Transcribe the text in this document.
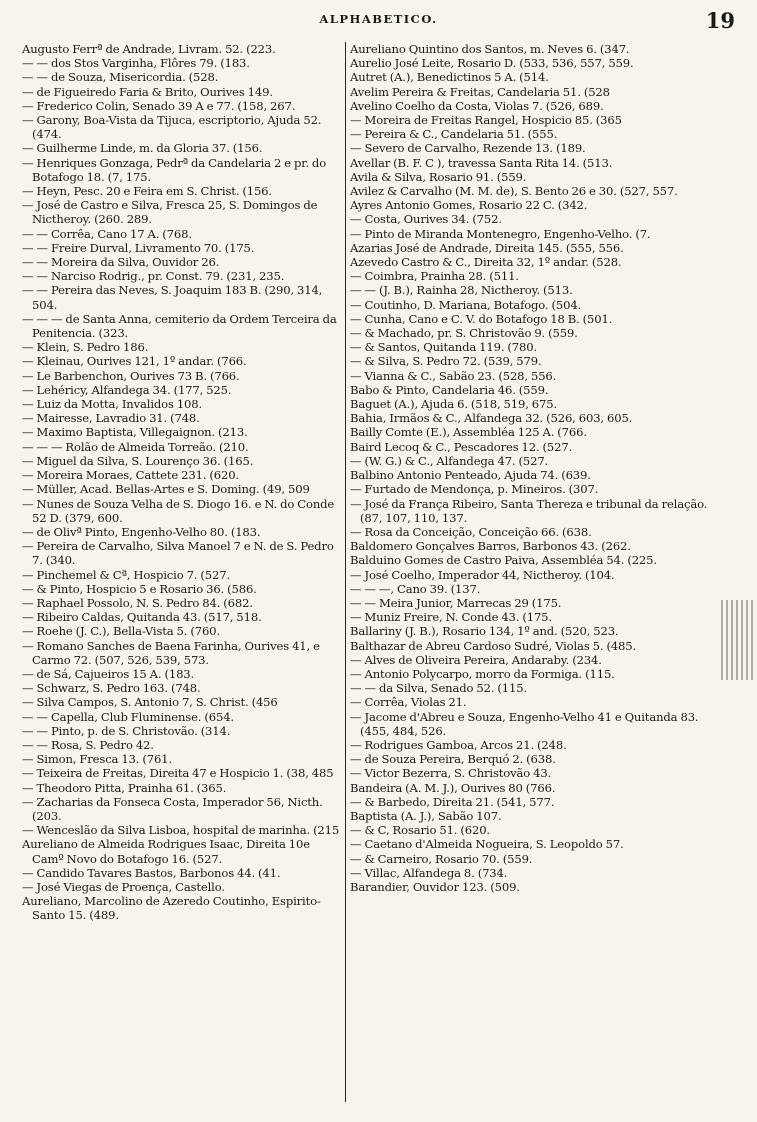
ALPHABETICO.	19
Augusto Ferrª de Andrade, Livram. 52. (223.
— — dos Stos Varginha, Flôres 79. (183.
— — de Souza, Misericordia. (528.
— de Figueiredo Faria & Brito, Ourives 149.
— Frederico Colin, Senado 39 A e 77. (158, 267.
— Garony, Boa-Vista da Tijuca, escriptorio, Ajuda 52. (474.
— Guilherme Linde, m. da Gloria 37. (156.
— Henriques Gonzaga, Pedrª da Candelaria 2 e pr. do Botafogo 18. (7, 175.
— Heyn, Pesc. 20 e Feira em S. Christ. (156.
— José de Castro e Silva, Fresca 25, S. Domingos de Nictheroy. (260. 289.
— — Corrêa, Cano 17 A. (768.
— — Freire Durval, Livramento 70. (175.
— — Moreira da Silva, Ouvidor 26.
— — Narciso Rodrig., pr. Const. 79. (231, 235.
— — Pereira das Neves, S. Joaquim 183 B. (290, 314, 504.
— — — de Santa Anna, cemiterio da Ordem Terceira da Penitencia. (323.
— Klein, S. Pedro 186.
— Kleinau, Ourives 121, 1º andar. (766.
— Le Barbenchon, Ourives 73 B. (766.
— Lehéricy, Alfandega 34. (177, 525.
— Luiz da Motta, Invalidos 108.
— Mairesse, Lavradio 31. (748.
— Maximo Baptista, Villegaignon. (213.
— — — Rolão de Almeida Torreão. (210.
— Miguel da Silva, S. Lourenço 36. (165.
— Moreira Moraes, Cattete 231. (620.
— Müller, Acad. Bellas-Artes e S. Doming. (49, 509
— Nunes de Souza Velha de S. Diogo 16. e N. do Conde 52 D. (379, 600.
— de Olivª Pinto, Engenho-Velho 80. (183.
— Pereira de Carvalho, Silva Manoel 7 e N. de S. Pedro 7. (340.
— Pinchemel & Cª, Hospicio 7. (527.
— & Pinto, Hospicio 5 e Rosario 36. (586.
— Raphael Possolo, N. S. Pedro 84. (682.
— Ribeiro Caldas, Quitanda 43. (517, 518.
— Roehe (J. C.), Bella-Vista 5. (760.
— Romano Sanches de Baena Farinha, Ourives 41, e Carmo 72. (507, 526, 539, 573.
— de Sá, Cajueiros 15 A. (183.
— Schwarz, S. Pedro 163. (748.
— Silva Campos, S. Antonio 7, S. Christ. (456
— — Capella, Club Fluminense. (654.
— — Pinto, p. de S. Christovão. (314.
— — Rosa, S. Pedro 42.
— Simon, Fresca 13. (761.
— Teixeira de Freitas, Direita 47 e Hospicio 1. (38, 485
— Theodoro Pitta, Prainha 61. (365.
— Zacharias da Fonseca Costa, Imperador 56, Nicth. (203.
— Wenceslão da Silva Lisboa, hospital de marinha. (215
Aureliano de Almeida Rodrigues Isaac, Direita 10e Camº Novo do Botafogo 16. (527.
— Candido Tavares Bastos, Barbonos 44. (41.
— José Viegas de Proença, Castello.
Aureliano, Marcolino de Azeredo Coutinho, Espirito-Santo 15. (489.
Aureliano Quintino dos Santos, m. Neves 6. (347.
Aurelio José Leite, Rosario D. (533, 536, 557, 559.
Autret (A.), Benedictinos 5 A. (514.
Avelim Pereira & Freitas, Candelaria 51. (528
Avelino Coelho da Costa, Violas 7. (526, 689.
— Moreira de Freitas Rangel, Hospicio 85. (365
— Pereira & C., Candelaria 51. (555.
— Severo de Carvalho, Rezende 13. (189.
Avellar (B. F. C ), travessa Santa Rita 14. (513.
Avila & Silva, Rosario 91. (559.
Avilez & Carvalho (M. M. de), S. Bento 26 e 30. (527, 557.
Ayres Antonio Gomes, Rosario 22 C. (342.
— Costa, Ourives 34. (752.
— Pinto de Miranda Montenegro, Engenho-Velho. (7.
Azarias José de Andrade, Direita 145. (555, 556.
Azevedo Castro & C., Direita 32, 1º andar. (528.
— Coimbra, Prainha 28. (511.
— — (J. B.), Rainha 28, Nictheroy. (513.
— Coutinho, D. Mariana, Botafogo. (504.
— Cunha, Cano e C. V. do Botafogo 18 B. (501.
— & Machado, pr. S. Christovão 9. (559.
— & Santos, Quitanda 119. (780.
— & Silva, S. Pedro 72. (539, 579.
— Vianna & C., Sabão 23. (528, 556.
Babo & Pinto, Candelaria 46. (559.
Baguet (A.), Ajuda 6. (518, 519, 675.
Bahia, Irmãos & C., Alfandega 32. (526, 603, 605.
Bailly Comte (E.), Assembléa 125 A. (766.
Baird Lecoq & C., Pescadores 12. (527.
— (W. G.) & C., Alfandega 47. (527.
Balbino Antonio Penteado, Ajuda 74. (639.
— Furtado de Mendonça, p. Mineiros. (307.
— José da França Ribeiro, Santa Thereza e tribunal da relação. (87, 107, 110, 137.
— Rosa da Conceição, Conceição 66. (638.
Baldomero Gonçalves Barros, Barbonos 43. (262.
Balduino Gomes de Castro Paiva, Assembléa 54. (225.
— José Coelho, Imperador 44, Nictheroy. (104.
— — —, Cano 39. (137.
— — Meira Junior, Marrecas 29 (175.
— Muniz Freire, N. Conde 43. (175.
Ballariny (J. B.), Rosario 134, 1º and. (520, 523.
Balthazar de Abreu Cardoso Sudré, Violas 5. (485.
— Alves de Oliveira Pereira, Andaraby. (234.
— Antonio Polycarpo, morro da Formiga. (115.
— — da Silva, Senado 52. (115.
— Corrêa, Violas 21.
— Jacome d'Abreu e Souza, Engenho-Velho 41 e Quitanda 83. (455, 484, 526.
— Rodrigues Gamboa, Arcos 21. (248.
— de Souza Pereira, Berquó 2. (638.
— Victor Bezerra, S. Christovão 43.
Bandeira (A. M. J.), Ourives 80 (766.
— & Barbedo, Direita 21. (541, 577.
Baptista (A. J.), Sabão 107.
— & C, Rosario 51. (620.
— Caetano d'Almeida Nogueira, S. Leopoldo 57.
— & Carneiro, Rosario 70. (559.
— Villac, Alfandega 8. (734.
Barandier, Ouvidor 123. (509.
